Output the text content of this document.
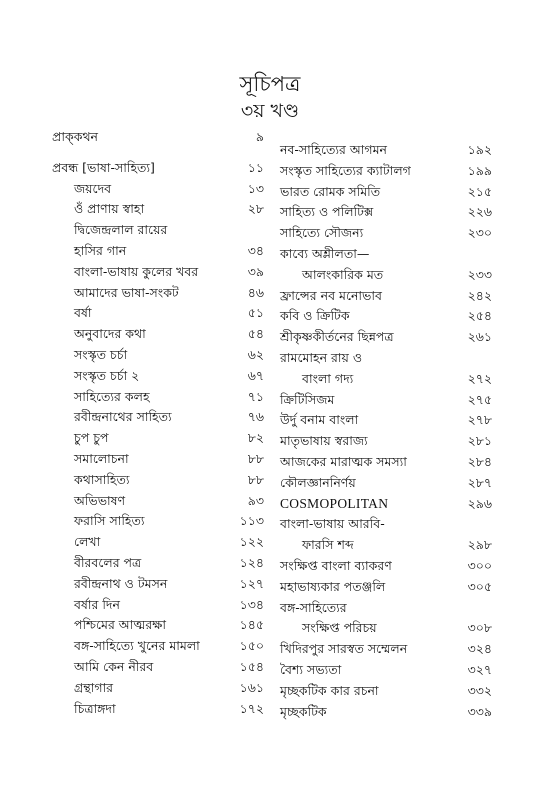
সূচিপত্র
৩য় খণ্ড
প্রাক্‌কথন	৯
প্রবন্ধ [ভাষা-সাহিত্য]	১১
জয়দেব	১৩
ওঁ প্রাণায় স্বাহা	২৮
দ্বিজেন্দ্রলাল রায়ের
হাসির গান	৩৪
বাংলা-ভাষায় কুলের খবর	৩৯
আমাদের ভাষা-সংকট	৪৬
বর্ষা	৫১
অনুবাদের কথা	৫৪
সংস্কৃত চর্চা	৬২
সংস্কৃত চর্চা ২	৬৭
সাহিত্যের কলহ	৭১
রবীন্দ্রনাথের সাহিত্য	৭৬
চুপ চুপ	৮২
সমালোচনা	৮৮
কথাসাহিত্য	৮৮
অভিভাষণ	৯৩
ফরাসি সাহিত্য	১১৩
লেখা	১২২
বীরবলের পত্র	১২৪
রবীন্দ্রনাথ ও টমসন	১২৭
বর্ষার দিন	১৩৪
পশ্চিমের আত্মরক্ষা	১৪৫
বঙ্গ-সাহিত্যে খুনের মামলা	১৫০
আমি কেন নীরব	১৫৪
গ্রন্থাগার	১৬১
চিত্রাঙ্গদা	১৭২
নব-সাহিত্যের আগমন	১৯২
সংস্কৃত সাহিত্যের ক্যাটালগ	১৯৯
ভারত রোমক সমিতি	২১৫
সাহিত্য ও পলিটিক্স	২২৬
সাহিত্যে সৌজন্য	২৩০
কাব্যে অশ্লীলতা—
আলংকারিক মত	২৩৩
ফ্রান্সের নব মনোভাব	২৪২
কবি ও ক্রিটিক	২৫৪
শ্রীকৃষ্ণকীর্তনের ছিন্নপত্র	২৬১
রামমোহন রায় ও
বাংলা গদ্য	২৭২
ক্রিটিসিজম	২৭৫
উর্দু বনাম বাংলা	২৭৮
মাতৃভাষায় স্বরাজ্য	২৮১
আজকের মারাত্মক সমস্যা	২৮৪
কৌলজ্ঞাননির্ণয়	২৮৭
COSMOPOLITAN	২৯৬
বাংলা-ভাষায় আরবি-
ফারসি শব্দ	২৯৮
সংক্ষিপ্ত বাংলা ব্যাকরণ	৩০০
মহাভাষ্যকার পতঞ্জলি	৩০৫
বঙ্গ-সাহিত্যের
সংক্ষিপ্ত পরিচয়	৩০৮
খিদিরপুর সারস্বত সম্মেলন	৩২৪
বৈশ্য সভ্যতা	৩২৭
মৃচ্ছকটিক কার রচনা	৩৩২
মৃচ্ছকটিক	৩৩৯
